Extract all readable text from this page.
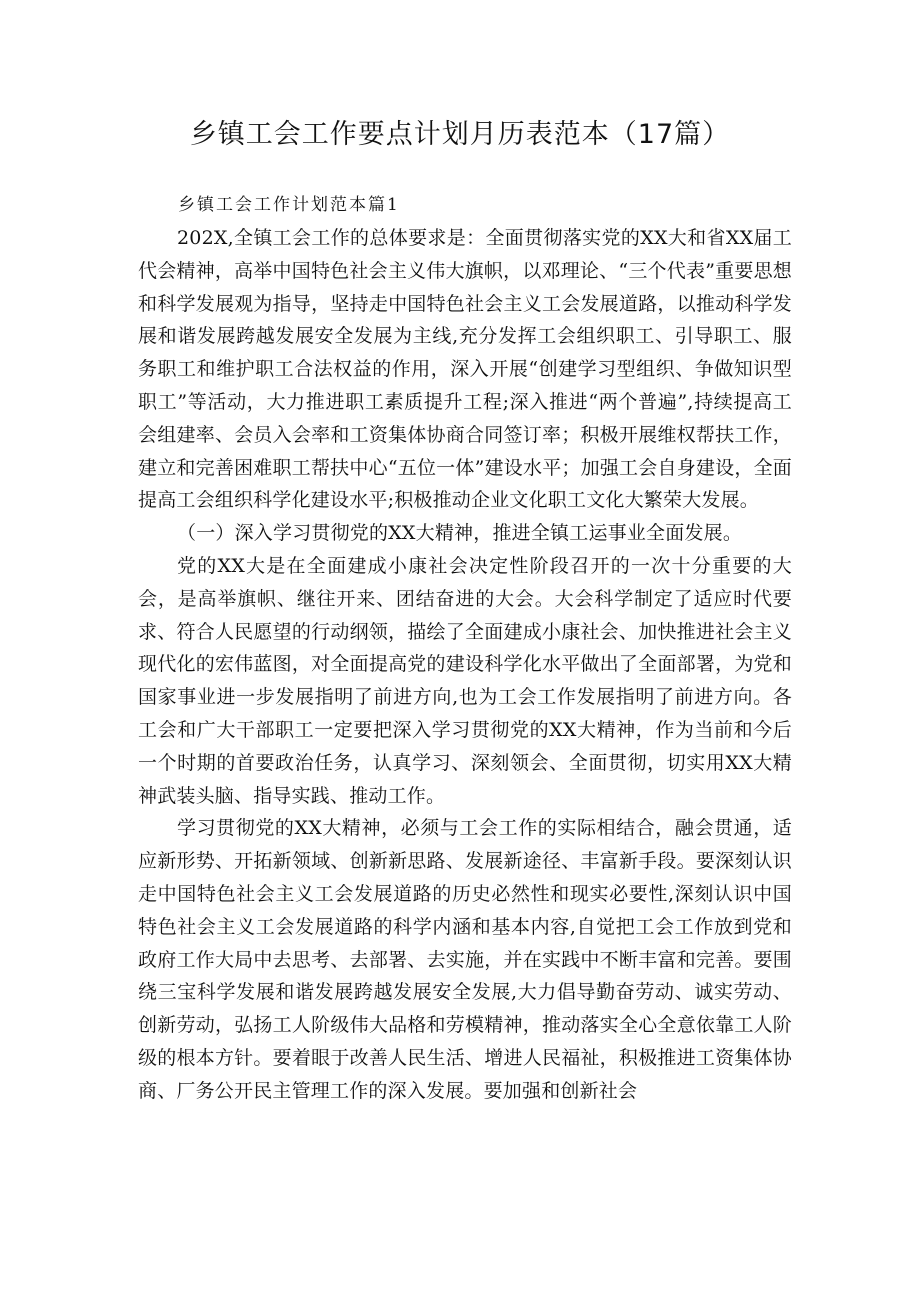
乡镇工会工作要点计划月历表范本（17篇）

乡镇工会工作计划范本篇1

202X,全镇工会工作的总体要求是：全面贯彻落实党的XX大和省XX届工代会精神，高举中国特色社会主义伟大旗帜，以邓理论、“三个代表”重要思想和科学发展观为指导，坚持走中国特色社会主义工会发展道路，以推动科学发展和谐发展跨越发展安全发展为主线,充分发挥工会组织职工、引导职工、服务职工和维护职工合法权益的作用，深入开展“创建学习型组织、争做知识型职工”等活动，大力推进职工素质提升工程;深入推进“两个普遍”,持续提高工会组建率、会员入会率和工资集体协商合同签订率；积极开展维权帮扶工作，建立和完善困难职工帮扶中心“五位一体”建设水平；加强工会自身建设，全面提高工会组织科学化建设水平;积极推动企业文化职工文化大繁荣大发展。

（一）深入学习贯彻党的XX大精神，推进全镇工运事业全面发展。

党的XX大是在全面建成小康社会决定性阶段召开的一次十分重要的大会，是高举旗帜、继往开来、团结奋进的大会。大会科学制定了适应时代要求、符合人民愿望的行动纲领，描绘了全面建成小康社会、加快推进社会主义现代化的宏伟蓝图，对全面提高党的建设科学化水平做出了全面部署，为党和国家事业进一步发展指明了前进方向,也为工会工作发展指明了前进方向。各工会和广大干部职工一定要把深入学习贯彻党的XX大精神，作为当前和今后一个时期的首要政治任务，认真学习、深刻领会、全面贯彻，切实用XX大精神武装头脑、指导实践、推动工作。

学习贯彻党的XX大精神，必须与工会工作的实际相结合，融会贯通，适应新形势、开拓新领域、创新新思路、发展新途径、丰富新手段。要深刻认识走中国特色社会主义工会发展道路的历史必然性和现实必要性,深刻认识中国特色社会主义工会发展道路的科学内涵和基本内容,自觉把工会工作放到党和政府工作大局中去思考、去部署、去实施，并在实践中不断丰富和完善。要围绕三宝科学发展和谐发展跨越发展安全发展,大力倡导勤奋劳动、诚实劳动、创新劳动，弘扬工人阶级伟大品格和劳模精神，推动落实全心全意依靠工人阶级的根本方针。要着眼于改善人民生活、增进人民福祉，积极推进工资集体协商、厂务公开民主管理工作的深入发展。要加强和创新社会
